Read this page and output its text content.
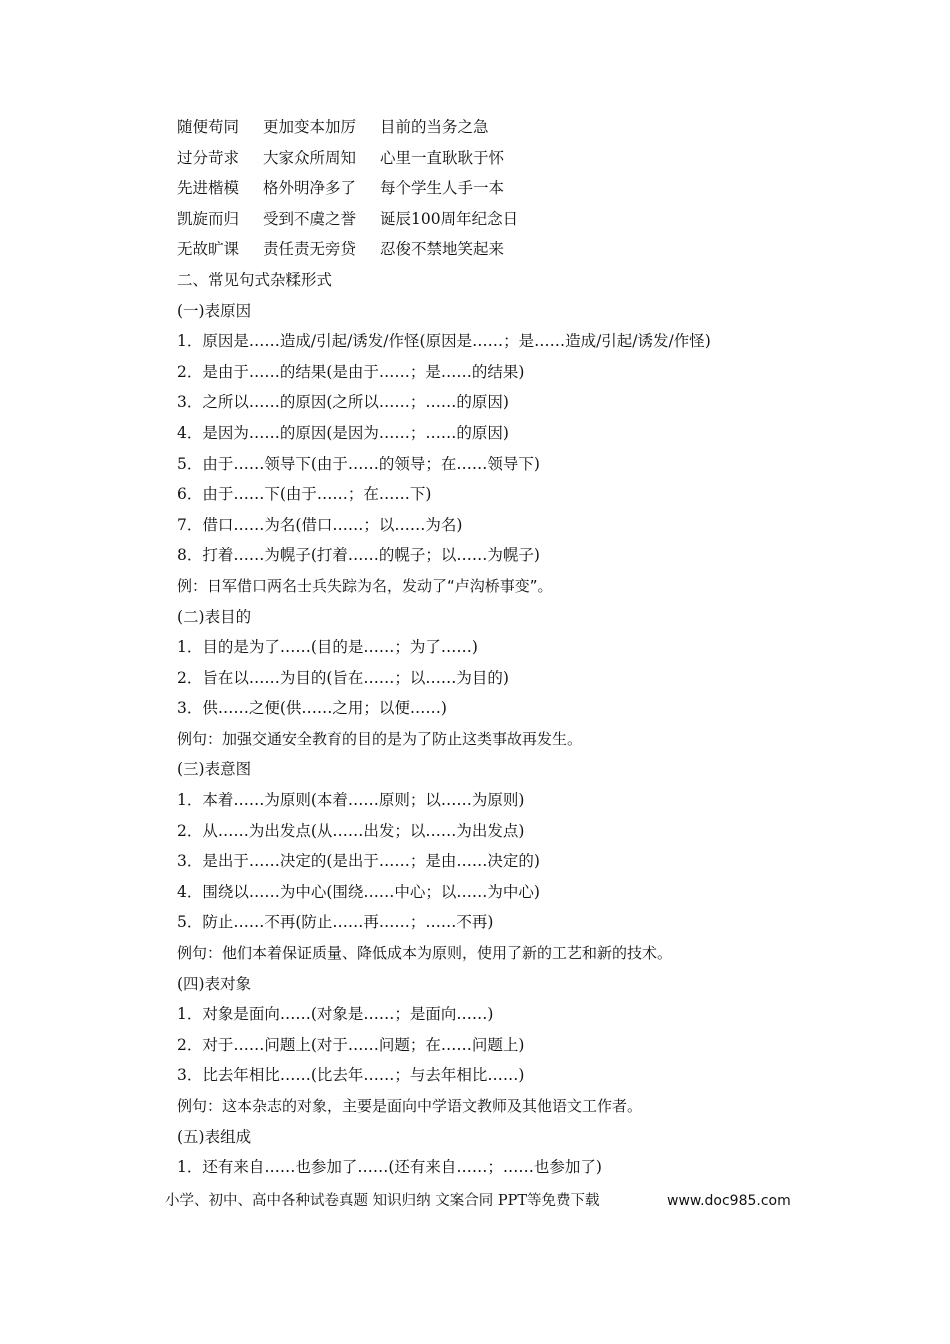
随便苟同 更加变本加厉 目前的当务之急
过分苛求 大家众所周知 心里一直耿耿于怀
先进楷模 格外明净多了 每个学生人手一本
凯旋而归 受到不虞之誉 诞辰100周年纪念日
无故旷课 责任责无旁贷 忍俊不禁地笑起来
二、常见句式杂糅形式
(一)表原因
1．原因是……造成/引起/诱发/作怪(原因是……；是……造成/引起/诱发/作怪)
2．是由于……的结果(是由于……；是……的结果)
3．之所以……的原因(之所以……；……的原因)
4．是因为……的原因(是因为……；……的原因)
5．由于……领导下(由于……的领导；在……领导下)
6．由于……下(由于……；在……下)
7．借口……为名(借口……；以……为名)
8．打着……为幌子(打着……的幌子；以……为幌子)
例：日军借口两名士兵失踪为名，发动了“卢沟桥事变”。
(二)表目的
1．目的是为了……(目的是……；为了……)
2．旨在以……为目的(旨在……；以……为目的)
3．供……之便(供……之用；以便……)
例句：加强交通安全教育的目的是为了防止这类事故再发生。
(三)表意图
1．本着……为原则(本着……原则；以……为原则)
2．从……为出发点(从……出发；以……为出发点)
3．是出于……决定的(是出于……；是由……决定的)
4．围绕以……为中心(围绕……中心；以……为中心)
5．防止……不再(防止……再……；……不再)
例句：他们本着保证质量、降低成本为原则，使用了新的工艺和新的技术。
(四)表对象
1．对象是面向……(对象是……；是面向……)
2．对于……问题上(对于……问题；在……问题上)
3．比去年相比……(比去年……；与去年相比……)
例句：这本杂志的对象，主要是面向中学语文教师及其他语文工作者。
(五)表组成
1．还有来自……也参加了……(还有来自……；……也参加了)
小学、初中、高中各种试卷真题 知识归纳 文案合同 PPT等免费下载	www.doc985.com
